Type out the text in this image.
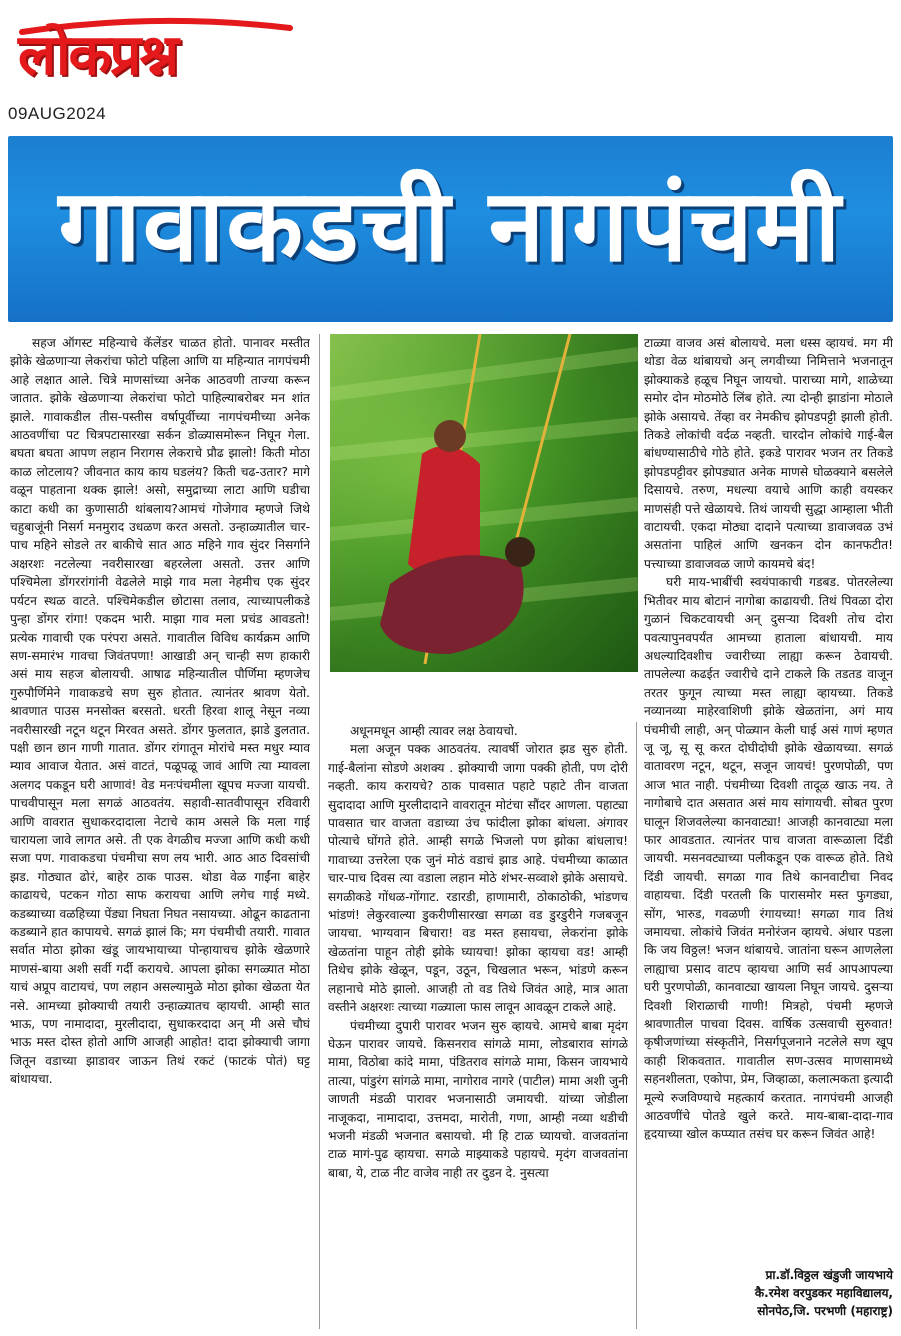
लोकप्रश्न
09AUG2024
गावाकडची नागपंचमी

सहज ऑगस्ट महिन्याचे कॅलेंडर चाळत होतो. पानावर मस्तीत झोके खेळणाऱ्या लेकरांचा फोटो पहिला आणि या महिन्यात नागपंचमी आहे लक्षात आले. चित्रे माणसांच्या अनेक आठवणी ताज्या करून जातात. झोके खेळणाऱ्या लेकरांचा फोटो पाहिल्याबरोबर मन शांत झाले. गावाकडील तीस-पस्तीस वर्षापूर्वीच्या नागपंचमीच्या अनेक आठवणींचा पट चित्रपटासारखा सर्कन डोळ्यासमोरून निघून गेला. बघता बघता आपण लहान निरागस लेकराचे प्रौढ झालो! किती मोठा काळ लोटलाय? जीवनात काय काय घडलंय? किती चढ-उतार? मागे वळून पाहताना थक्क झाले! असो, समुद्राच्या लाटा आणि घडीचा काटा कधी का कुणासाठी थांबलाय?आमचं गोजेगाव म्हणजे जिथे चहुबाजूंनी निसर्ग मनमुराद उधळण करत असतो. उन्हाळ्यातील चार-पाच महिने सोडले तर बाकीचे सात आठ महिने गाव सुंदर निसर्गाने अक्षरशः नटलेल्या नवरीसारखा बहरलेला असतो. उत्तर आणि पश्चिमेला डोंगररांगांनी वेढलेले माझे गाव मला नेहमीच एक सुंदर पर्यटन स्थळ वाटते. पश्चिमेकडील छोटासा तलाव, त्याच्यापलीकडे पुन्हा डोंगर रांगा! एकदम भारी. माझा गाव मला प्रचंड आवडतो! प्रत्येक गावाची एक परंपरा असते. गावातील विविध कार्यक्रम आणि सण-समारंभ गावचा जिवंतपणा! आखाडी अन् चान्ही सण हाकारी असं माय सहज बोलायची. आषाढ महिन्यातील पौर्णिमा म्हणजेच गुरुपौर्णिमेने गावाकडचे सण सुरु होतात. त्यानंतर श्रावण येतो. श्रावणात पाउस मनसोक्त बरसतो. धरती हिरवा शालू नेसून नव्या नवरीसारखी नटून थटून मिरवत असते. डोंगर फुलतात, झाडे डुलतात. पक्षी छान छान गाणी गातात. डोंगर रांगातून मोरांचे मस्त मधुर म्याव म्याव आवाज येतात. असं वाटतं, पळूपळू जावं आणि त्या म्यावला अलगद पकडून घरी आणावं! वेड मनःपंचमीला खूपच मज्जा यायची. पाचवीपासून मला सगळं आठवतंय. सहावी-सातवीपासून रविवारी आणि वावरात सुधाकरदादाला नेटाचे काम असले कि मला गाई चारायला जावे लागत असे. ती एक वेगळीच मज्जा आणि कधी कधी सजा पण. गावाकडचा पंचमीचा सण लय भारी. आठ आठ दिवसांची झड. गोठ्यात ढोरं, बाहेर ठाक पाउस. थोडा वेळ गाईंना बाहेर काढायचे, पटकन गोठा साफ करायचा आणि लगेच गाई मध्ये. कडब्याच्या वळहिच्या पेंड्या निघता निघत नसायच्या. ओढून काढताना कडब्याने हात कापायचे. सगळं झालं कि; मग पंचमीची तयारी. गावात सर्वात मोठा झोका खंडू जायभायाच्या पोन्हायाचच झोके खेळणारे माणसं-बाया अशी सर्वी गर्दी करायचे. आपला झोका सगळ्यात मोठा याचं अप्रूप वाटायचं, पण लहान असल्यामुळे मोठा झोका खेळता येत नसे. आमच्या झोक्याची तयारी उन्हाळ्यातच व्हायची. आम्ही सात भाऊ, पण नामादादा, मुरलीदादा, सुधाकरदादा अन् मी असे चौघं भाऊ मस्त दोस्त होतो आणि आजही आहोत! दादा झोक्याची जागा जितून वडाच्या झाडावर जाऊन तिथं रकटं (फाटकं पोतं) घट्ट बांधायचा.

अधूनमधून आम्ही त्यावर लक्ष ठेवायचो.

मला अजून पक्क आठवतंय. त्यावर्षी जोरात झड सुरु होती. गाई-बैलांना सोडणे अशक्य . झोक्याची जागा पक्की होती, पण दोरी नव्हती. काय करायचे? ठाक पावसात पहाटे पहाटे तीन वाजता सुदादादा आणि मुरलीदादाने वावरातून मोटंचा सौंदर आणला. पहाट्या पावसात चार वाजता वडाच्या उंच फांदीला झोका बांधला. अंगावर पोत्याचे घोंगते होते. आम्ही सगळे भिजलो पण झोका बांधलाच! गावाच्या उत्तरेला एक जुनं मोठं वडाचं झाड आहे. पंचमीच्या काळात चार-पाच दिवस त्या वडाला लहान मोठे शंभर-सव्वाशे झोके असायचे. सगळीकडे गोंधळ-गोंगाट. रडारडी, हाणामारी, ठोकाठोकी, भांडणच भांडणं! लेकुरवाल्या डुकरीणीसारखा सगळा वड डुरडुरीने गजबजून जायचा. भाग्यवान बिचारा! वड मस्त हसायचा, लेकरांना झोके खेळतांना पाहून तोही झोके घ्यायचा! झोका व्हायचा वड! आम्ही तिथेच झोके खेळून, पडून, उठून, चिखलात भरून, भांडणे करून लहानाचे मोठे झालो. आजही तो वड तिथे जिवंत आहे, मात्र आता वस्तीने अक्षरशः त्याच्या गळ्याला फास लावून आवळून टाकले आहे.

पंचमीच्या दुपारी पारावर भजन सुरु व्हायचे. आमचे बाबा मृदंग घेऊन पारावर जायचे. किसनराव सांगळे मामा, लोडबाराव सांगळे मामा, विठोबा कांदे मामा, पंडितराव सांगळे मामा, किसन जायभाये तात्या, पांडुरंग सांगळे मामा, नागोराव नागरे (पाटील) मामा अशी जुनी जाणती मंडळी पारावर भजनासाठी जमायची. यांच्या जोडीला नाजूकदा, नामादादा, उत्तमदा, मारोती, गणा, आम्ही नव्या थडीची भजनी मंडळी भजनात बसायचो. मी हि टाळ घ्यायचो. वाजवतांना टाळ मागं-पुढ व्हायचा. सगळे माझ्याकडे पहायचे. मृदंग वाजवतांना बाबा, ये, टाळ नीट वाजेव नाही तर दुडन दे. नुसत्या

टाळ्या वाजव असं बोलायचे. मला धस्स व्हायचं. मग मी थोडा वेळ थांबायचो अन् लगवीच्या निमित्ताने भजनातून झोक्याकडे हळूच निघून जायचो. पाराच्या मागे, शाळेच्या समोर दोन मोठमोठे लिंब होते. त्या दोन्ही झाडांना मोठाले झोके असायचे. तेंव्हा वर नेमकीच झोपडपट्टी झाली होती. तिकडे लोकांची वर्दळ नव्हती. चारदोन लोकांचे गाई-बैल बांधण्यासाठीचे गोठे होते. इकडे पारावर भजन तर तिकडे झोपडपट्टीवर झोपड्यात अनेक माणसे घोळक्याने बसलेले दिसायचे. तरुण, मधल्या वयाचे आणि काही वयस्कर माणसंही पत्ते खेळायचे. तिथं जायची सुद्धा आम्हाला भीती वाटायची. एकदा मोठ्या दादाने पत्याच्या डावाजवळ उभं असतांना पाहिलं आणि खनकन दोन कानफटीत! पत्त्याच्या डावाजवळ जाणे कायमचे बंद!

घरी माय-भाबींची स्वयंपाकाची गडबड. पोतरलेल्या भितीवर माय बोटानं नागोबा काढायची. तिथं पिवळा दोरा गुळानं चिकटवायची अन् दुसऱ्या दिवशी तोच दोरा पवत्यापुनवपर्यंत आमच्या हाताला बांधायची. माय अधल्यादिवशीच ज्वारीच्या लाह्या करून ठेवायची. तापलेल्या कढईत ज्वारीचे दाने टाकले कि तडतड वाजून तरतर फुगून त्याच्या मस्त लाह्या व्हायच्या. तिकडे नव्यानव्या माहेरवाशिणी झोके खेळतांना, अगं माय पंचमीची लाही, अन् पोळ्यान केली घाई असं गाणं म्हणत जू जू, सू सू करत दोघीदोघी झोके खेळायच्या. सगळं वातावरण नटून, थटून, सजून जायचं! पुरणपोळी, पण आज भात नाही. पंचमीच्या दिवशी तादूळ खाऊ नय. ते नागोबाचे दात असतात असं माय सांगायची. सोबत पुरण घालून शिजवलेल्या कानवाट्या! आजही कानवाट्या मला फार आवडतात. त्यानंतर पाच वाजता वारूळाला दिंडी जायची. मसनवट्याच्या पलीकडून एक वारूळ होते. तिथे दिंडी जायची. सगळा गाव तिथे कानवाटीचा निवद वाहायचा. दिंडी परतली कि पारासमोर मस्त फुगड्या, सोंग, भारुड, गवळणी रंगायच्या! सगळा गाव तिथं जमायचा. लोकांचे जिवंत मनोरंजन व्हायचे. अंधार पडला कि जय विठ्ठल! भजन थांबायचे. जातांना घरून आणलेला लाह्याचा प्रसाद वाटप व्हायचा आणि सर्व आपआपल्या घरी पुरणपोळी, कानवाट्या खायला निघून जायचे. दुसऱ्या दिवशी शिराळाची गाणी! मित्रहो, पंचमी म्हणजे श्रावणातील पाचवा दिवस. वार्षिक उत्सवाची सुरुवात! कृषीजणांच्या संस्कृतीने, निसर्गपूजनाने नटलेले सण खूप काही शिकवतात. गावातील सण-उत्सव माणसामध्ये सहनशीलता, एकोपा, प्रेम, जिव्हाळा, कलात्मकता इत्यादी मूल्ये रुजविण्याचे महत्कार्य करतात. नागपंचमी आजही आठवणींचे पोतडे खुले करते. माय-बाबा-दादा-गाव हृदयाच्या खोल कप्प्यात तसंच घर करून जिवंत आहे!

प्रा.डॉ.विठ्ठल खंडुजी जायभाये
कै.रमेश वरपुडकर महाविद्यालय,
सोनपेठ,जि. परभणी (महाराष्ट्र)
